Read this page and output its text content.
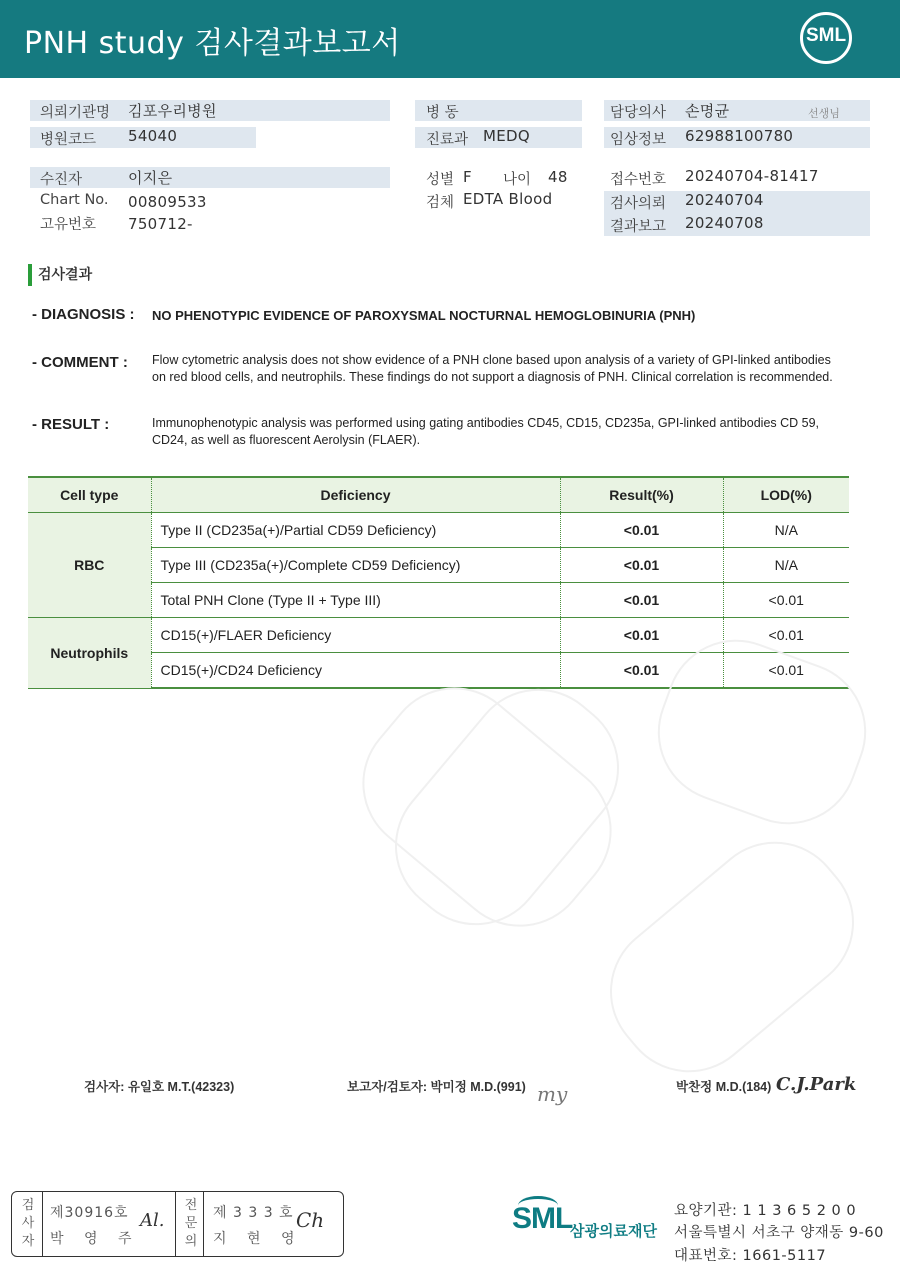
PNH study 검사결과보고서	SML
의뢰기관명 김포우리병원
병원코드 54040
수진자	이지은
Chart No. 00809533
고유번호 750712-
병 동
진료과 MEDQ
성별 F 나이 48
검체 EDTA Blood
담당의사 손명균	선생님
임상정보 62988100780
접수번호 20240704-81417
검사의뢰 20240704
결과보고 20240708
검사결과
- DIAGNOSIS : NO PHENOTYPIC EVIDENCE OF PAROXYSMAL NOCTURNAL HEMOGLOBINURIA (PNH)
- COMMENT : Flow cytometric analysis does not show evidence of a PNH clone based upon analysis of a variety of GPI-linked antibodies on red blood cells, and neutrophils. These findings do not support a diagnosis of PNH. Clinical correlation is recommended.
- RESULT :	Immunophenotypic analysis was performed using gating antibodies CD45, CD15, CD235a, GPI-linked antibodies CD 59, CD24, as well as fluorescent Aerolysin (FLAER).
Cell type	Deficiency	Result(%)	LOD(%)
RBC	Type II (CD235a(+)/Partial CD59 Deficiency)	<0.01	N/A
	Type III (CD235a(+)/Complete CD59 Deficiency)	<0.01	N/A
	Total PNH Clone (Type II + Type III)	<0.01	<0.01
Neutrophils	CD15(+)/FLAER Deficiency	<0.01	<0.01
	CD15(+)/CD24 Deficiency	<0.01	<0.01
검사자: 유일호 M.T.(42323)	보고자/검토자: 박미정 M.D.(991) my	박찬정 M.D.(184) C.J.Park
검사자
제30916호
박 영 주
Al.
전문의
제 3 3 3 호
지 현 영
Ch	SML
삼광의료재단
요양기관: 1 1 3 6 5 2 0 0
서울특별시 서초구 양재동 9-60
대표번호: 1661-5117
